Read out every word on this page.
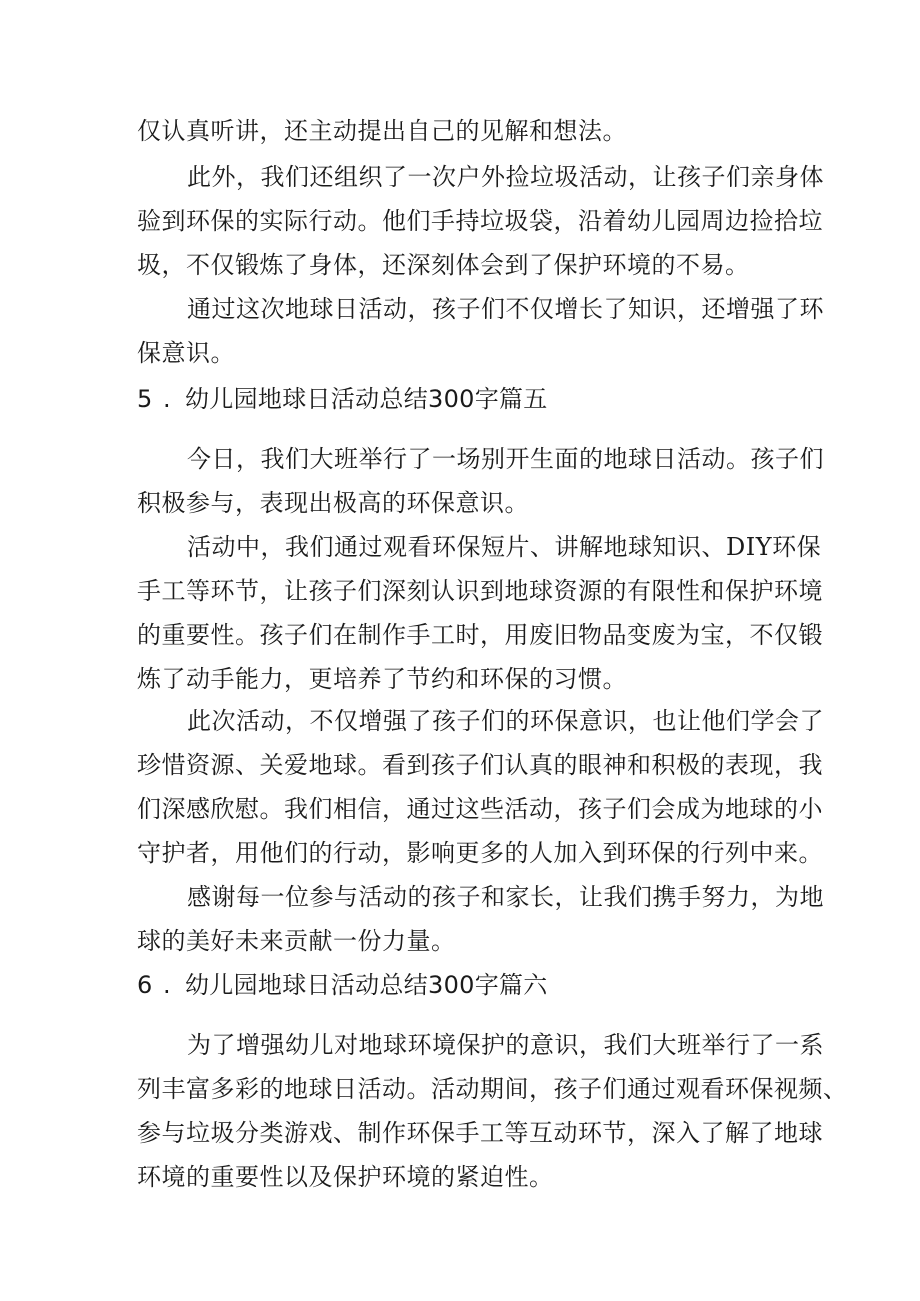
仅认真听讲，还主动提出自己的见解和想法。
此外，我们还组织了一次户外捡垃圾活动，让孩子们亲身体
验到环保的实际行动。他们手持垃圾袋，沿着幼儿园周边捡拾垃
圾，不仅锻炼了身体，还深刻体会到了保护环境的不易。
通过这次地球日活动，孩子们不仅增长了知识，还增强了环
保意识。
5 . 幼儿园地球日活动总结300字篇五
今日，我们大班举行了一场别开生面的地球日活动。孩子们
积极参与，表现出极高的环保意识。
活动中，我们通过观看环保短片、讲解地球知识、DIY环保
手工等环节，让孩子们深刻认识到地球资源的有限性和保护环境
的重要性。孩子们在制作手工时，用废旧物品变废为宝，不仅锻
炼了动手能力，更培养了节约和环保的习惯。
此次活动，不仅增强了孩子们的环保意识，也让他们学会了
珍惜资源、关爱地球。看到孩子们认真的眼神和积极的表现，我
们深感欣慰。我们相信，通过这些活动，孩子们会成为地球的小
守护者，用他们的行动，影响更多的人加入到环保的行列中来。
感谢每一位参与活动的孩子和家长，让我们携手努力，为地
球的美好未来贡献一份力量。
6 . 幼儿园地球日活动总结300字篇六
为了增强幼儿对地球环境保护的意识，我们大班举行了一系
列丰富多彩的地球日活动。活动期间，孩子们通过观看环保视频、
参与垃圾分类游戏、制作环保手工等互动环节，深入了解了地球
环境的重要性以及保护环境的紧迫性。
